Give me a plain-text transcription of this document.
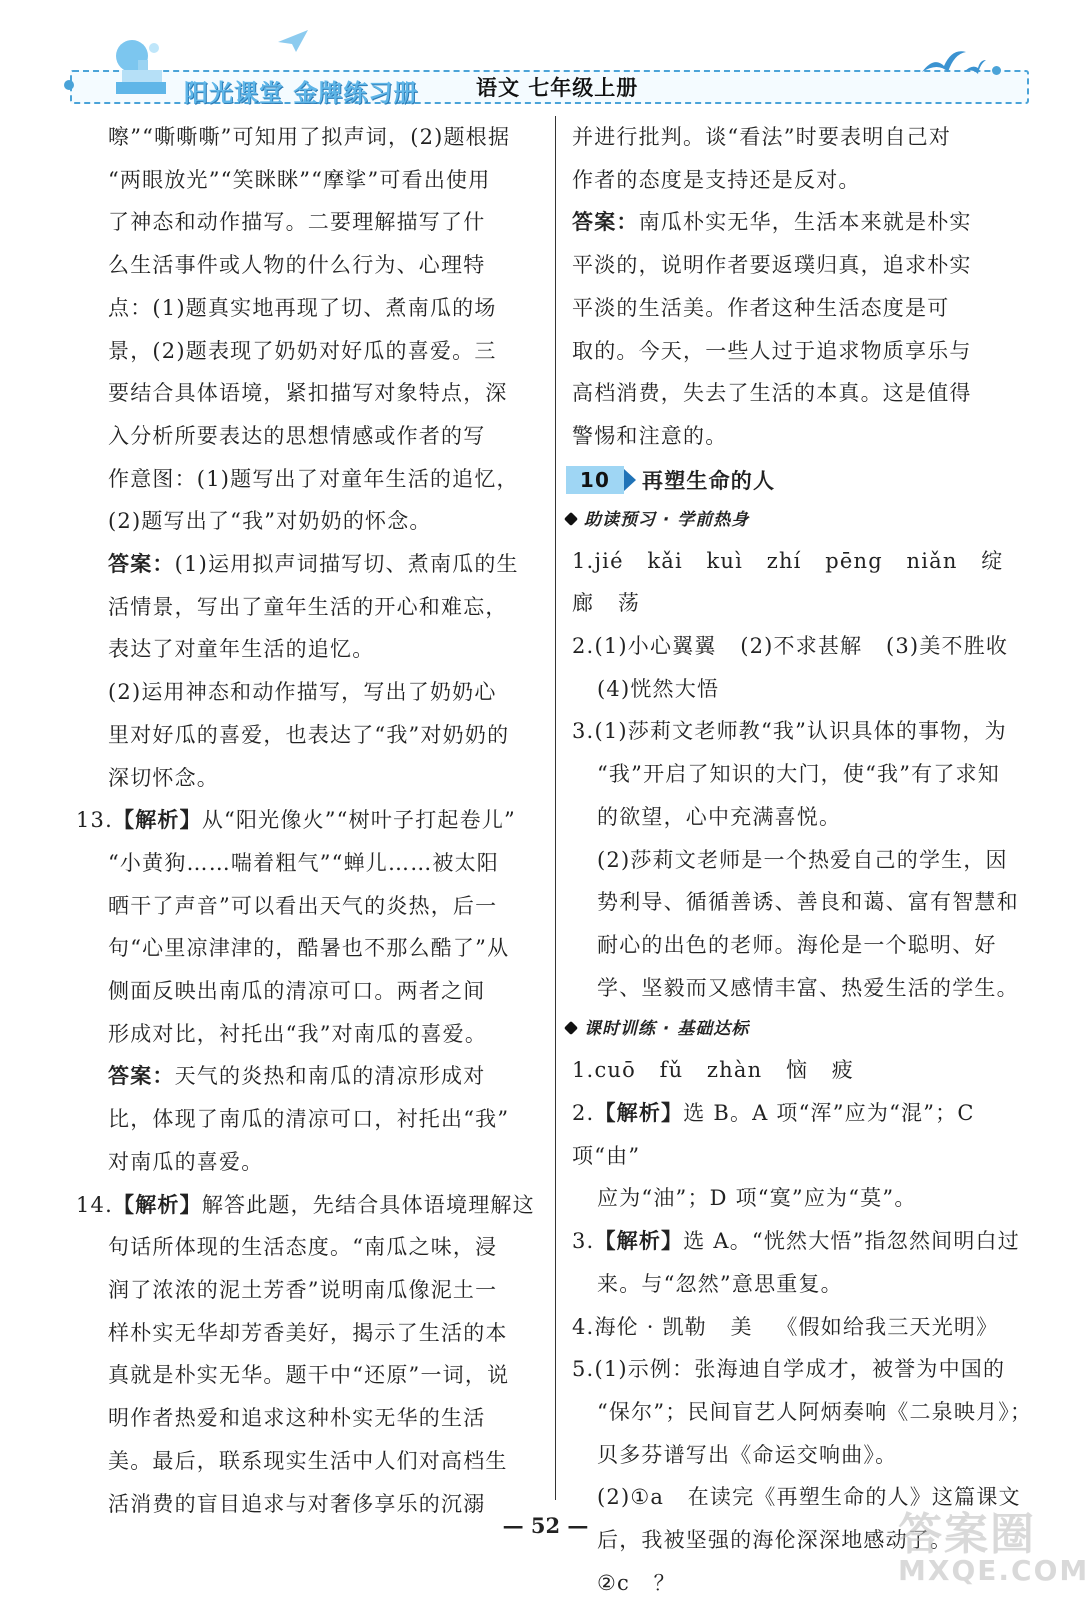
阳光课堂 金牌练习册	语文 七年级上册
嚓”“嘶嘶嘶”可知用了拟声词，(2)题根据
“两眼放光”“笑眯眯”“摩挲”可看出使用
了神态和动作描写。二要理解描写了什
么生活事件或人物的什么行为、心理特
点：(1)题真实地再现了切、煮南瓜的场
景，(2)题表现了奶奶对好瓜的喜爱。三
要结合具体语境，紧扣描写对象特点，深
入分析所要表达的思想情感或作者的写
作意图：(1)题写出了对童年生活的追忆，
(2)题写出了“我”对奶奶的怀念。
答案：(1)运用拟声词描写切、煮南瓜的生
活情景，写出了童年生活的开心和难忘，
表达了对童年生活的追忆。
(2)运用神态和动作描写，写出了奶奶心
里对好瓜的喜爱，也表达了“我”对奶奶的
深切怀念。
13.【解析】从“阳光像火”“树叶子打起卷儿”
“小黄狗……喘着粗气”“蝉儿……被太阳
晒干了声音”可以看出天气的炎热，后一
句“心里凉津津的，酷暑也不那么酷了”从
侧面反映出南瓜的清凉可口。两者之间
形成对比，衬托出“我”对南瓜的喜爱。
答案：天气的炎热和南瓜的清凉形成对
比，体现了南瓜的清凉可口，衬托出“我”
对南瓜的喜爱。
14.【解析】解答此题，先结合具体语境理解这
句话所体现的生活态度。“南瓜之味，浸
润了浓浓的泥土芳香”说明南瓜像泥土一
样朴实无华却芳香美好，揭示了生活的本
真就是朴实无华。题干中“还原”一词，说
明作者热爱和追求这种朴实无华的生活
美。最后，联系现实生活中人们对高档生
活消费的盲目追求与对奢侈享乐的沉溺
并进行批判。谈“看法”时要表明自己对
作者的态度是支持还是反对。
答案：南瓜朴实无华，生活本来就是朴实
平淡的，说明作者要返璞归真，追求朴实
平淡的生活美。作者这种生活态度是可
取的。今天，一些人过于追求物质享乐与
高档消费，失去了生活的本真。这是值得
警惕和注意的。
10	再塑生命的人
助读预习 · 学前热身
1.jié   kǎi   kuì   zhí   pēng   niǎn   绽   廊   荡
2.(1)小心翼翼   (2)不求甚解   (3)美不胜收
(4)恍然大悟
3.(1)莎莉文老师教“我”认识具体的事物，为
“我”开启了知识的大门，使“我”有了求知
的欲望，心中充满喜悦。
(2)莎莉文老师是一个热爱自己的学生，因
势利导、循循善诱、善良和蔼、富有智慧和
耐心的出色的老师。海伦是一个聪明、好
学、坚毅而又感情丰富、热爱生活的学生。
课时训练 · 基础达标
1.cuō   fǔ   zhàn   恼   疲
2.【解析】选 B。A 项“浑”应为“混”；C 项“由”
应为“油”；D 项“寞”应为“莫”。
3.【解析】选 A。“恍然大悟”指忽然间明白过
来。与“忽然”意思重复。
4.海伦 · 凯勒   美   《假如给我三天光明》
5.(1)示例：张海迪自学成才，被誉为中国的
“保尔”；民间盲艺人阿炳奏响《二泉映月》；
贝多芬谱写出《命运交响曲》。
(2)①a   在读完《再塑生命的人》这篇课文
后，我被坚强的海伦深深地感动了。
②c   ？
— 52 —	答案圈
MXQE.COM
